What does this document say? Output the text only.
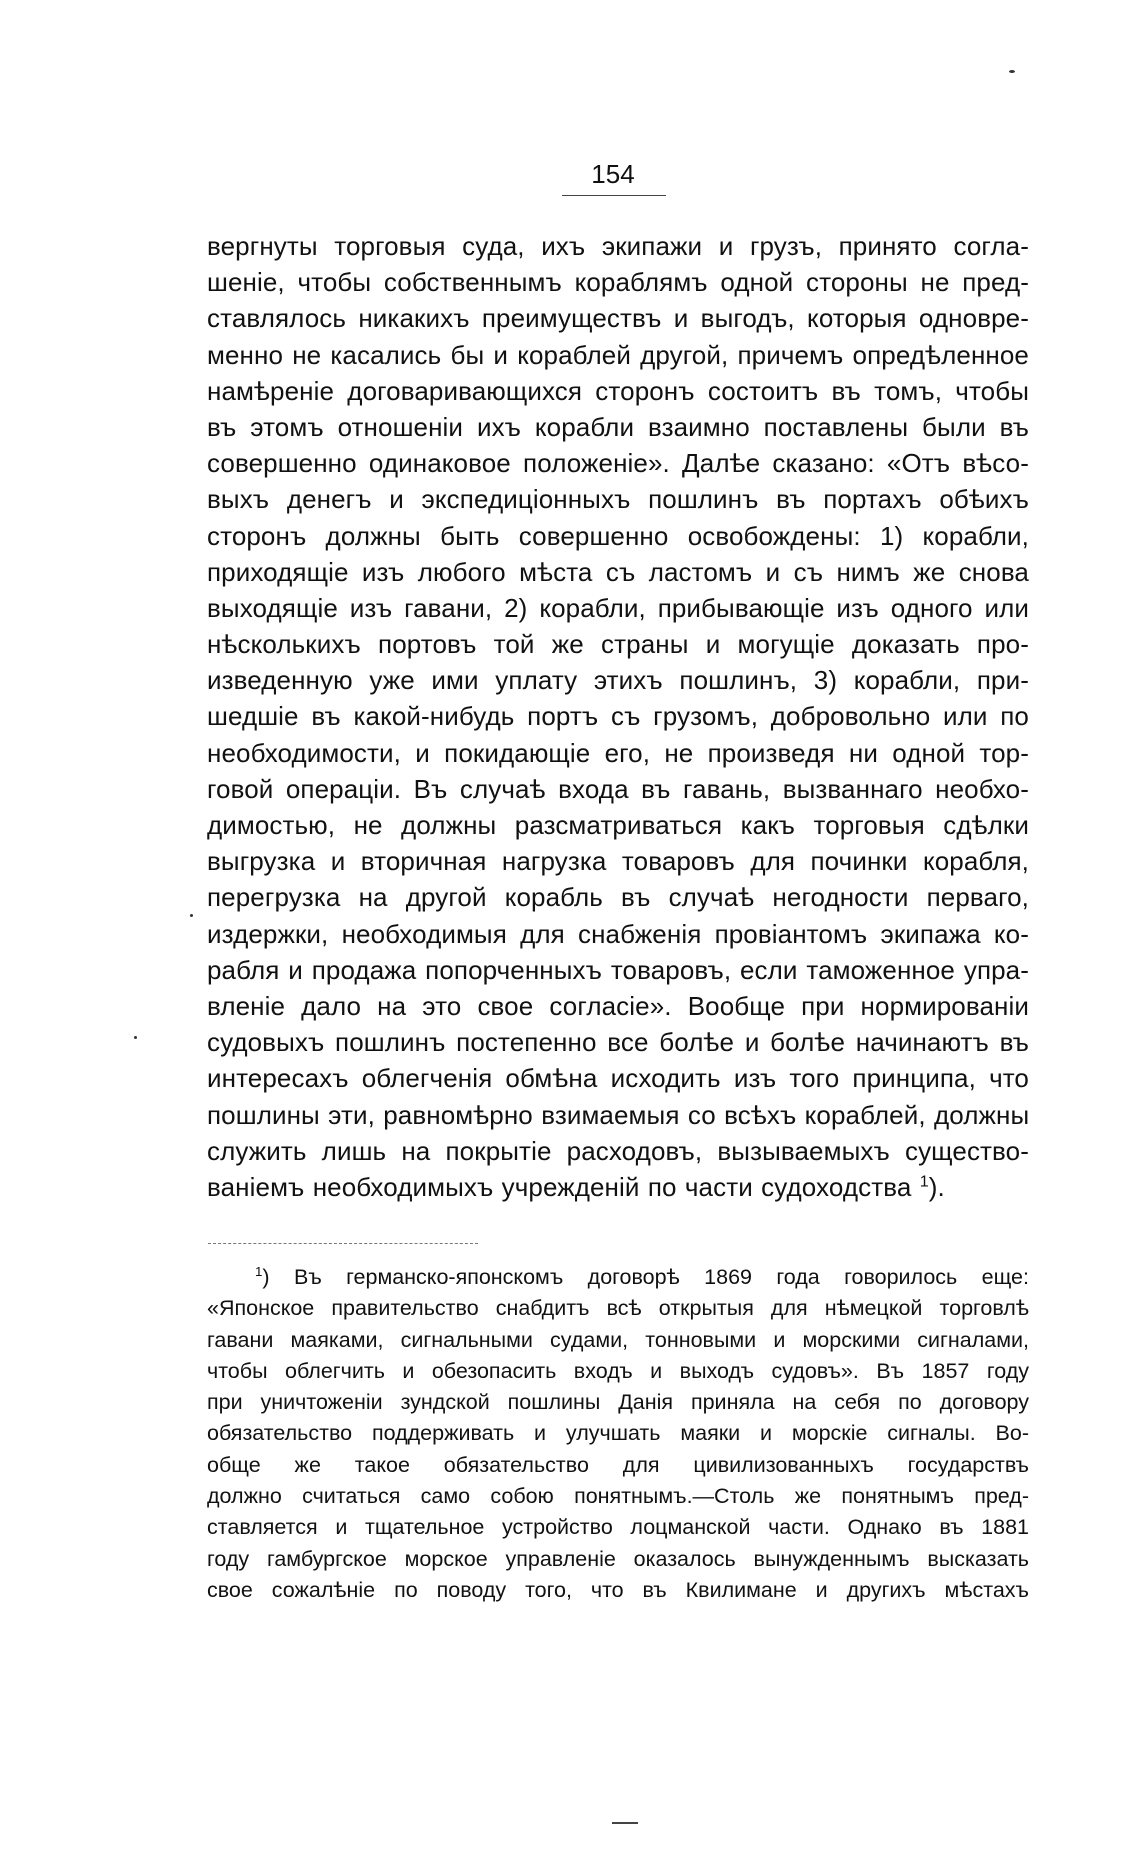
154
вергнуты торговыя суда, ихъ экипажи и грузъ, принято согла-
шеніе, чтобы собственнымъ кораблямъ одной стороны не пред-
ставлялось никакихъ преимуществъ и выгодъ, которыя одновре-
менно не касались бы и кораблей другой, причемъ опредѣленное
намѣреніе договаривающихся сторонъ состоитъ въ томъ, чтобы
въ этомъ отношеніи ихъ корабли взаимно поставлены были въ
совершенно одинаковое положеніе». Далѣе сказано: «Отъ вѣсо-
выхъ денегъ и экспедиціонныхъ пошлинъ въ портахъ обѣихъ
сторонъ должны быть совершенно освобождены: 1) корабли,
приходящіе изъ любого мѣста съ ластомъ и съ нимъ же снова
выходящіе изъ гавани, 2) корабли, прибывающіе изъ одного или
нѣсколькихъ портовъ той же страны и могущіе доказать про-
изведенную уже ими уплату этихъ пошлинъ, 3) корабли, при-
шедшіе въ какой-нибудь портъ съ грузомъ, добровольно или по
необходимости, и покидающіе его, не произведя ни одной тор-
говой операціи. Въ случаѣ входа въ гавань, вызваннаго необхо-
димостью, не должны разсматриваться какъ торговыя сдѣлки
выгрузка и вторичная нагрузка товаровъ для починки корабля,
перегрузка на другой корабль въ случаѣ негодности перваго,
издержки, необходимыя для снабженія провіантомъ экипажа ко-
рабля и продажа попорченныхъ товаровъ, если таможенное упра-
вленіе дало на это свое согласіе». Вообще при нормированіи
судовыхъ пошлинъ постепенно все болѣе и болѣе начинаютъ въ
интересахъ облегченія обмѣна исходить изъ того принципа, что
пошлины эти, равномѣрно взимаемыя со всѣхъ кораблей, должны
служить лишь на покрытіе расходовъ, вызываемыхъ существо-
ваніемъ необходимыхъ учрежденій по части судоходства $^1$).
$^1$) Въ германско-японскомъ договорѣ 1869 года говорилось еще:
«Японское правительство снабдитъ всѣ открытыя для нѣмецкой торговлѣ
гавани маяками, сигнальными судами, тонновыми и морскими сигналами,
чтобы облегчить и обезопасить входъ и выходъ судовъ». Въ 1857 году
при уничтоженіи зундской пошлины Данія приняла на себя по договору
обязательство поддерживать и улучшать маяки и морскіе сигналы. Во-
обще же такое обязательство для цивилизованныхъ государствъ
должно считаться само собою понятнымъ.—Столь же понятнымъ пред-
ставляется и тщательное устройство лоцманской части. Однако въ 1881
году гамбургское морское управленіе оказалось вынужденнымъ высказать
свое сожалѣніе по поводу того, что въ Квилимане и другихъ мѣстахъ
